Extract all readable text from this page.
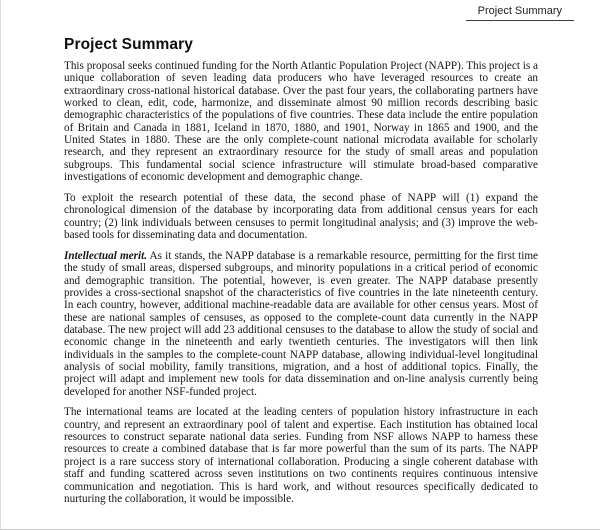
Project Summary
Project Summary

This proposal seeks continued funding for the North Atlantic Population Project (NAPP). This project is a unique collaboration of seven leading data producers who have leveraged resources to create an extraordinary cross-national historical database. Over the past four years, the collaborating partners have worked to clean, edit, code, harmonize, and disseminate almost 90 million records describing basic demographic characteristics of the populations of five countries. These data include the entire population of Britain and Canada in 1881, Iceland in 1870, 1880, and 1901, Norway in 1865 and 1900, and the United States in 1880. These are the only complete-count national microdata available for scholarly research, and they represent an extraordinary resource for the study of small areas and population subgroups. This fundamental social science infrastructure will stimulate broad-based comparative investigations of economic development and demographic change.

To exploit the research potential of these data, the second phase of NAPP will (1) expand the chronological dimension of the database by incorporating data from additional census years for each country; (2) link individuals between censuses to permit longitudinal analysis; and (3) improve the web-based tools for disseminating data and documentation.

Intellectual merit. As it stands, the NAPP database is a remarkable resource, permitting for the first time the study of small areas, dispersed subgroups, and minority populations in a critical period of economic and demographic transition. The potential, however, is even greater. The NAPP database presently provides a cross-sectional snapshot of the characteristics of five countries in the late nineteenth century. In each country, however, additional machine-readable data are available for other census years. Most of these are national samples of censuses, as opposed to the complete-count data currently in the NAPP database. The new project will add 23 additional censuses to the database to allow the study of social and economic change in the nineteenth and early twentieth centuries. The investigators will then link individuals in the samples to the complete-count NAPP database, allowing individual-level longitudinal analysis of social mobility, family transitions, migration, and a host of additional topics. Finally, the project will adapt and implement new tools for data dissemination and on-line analysis currently being developed for another NSF-funded project.

The international teams are located at the leading centers of population history infrastructure in each country, and represent an extraordinary pool of talent and expertise. Each institution has obtained local resources to construct separate national data series. Funding from NSF allows NAPP to harness these resources to create a combined database that is far more powerful than the sum of its parts. The NAPP project is a rare success story of international collaboration. Producing a single coherent database with staff and funding scattered across seven institutions on two continents requires continuous intensive communication and negotiation. This is hard work, and without resources specifically dedicated to nurturing the collaboration, it would be impossible.
